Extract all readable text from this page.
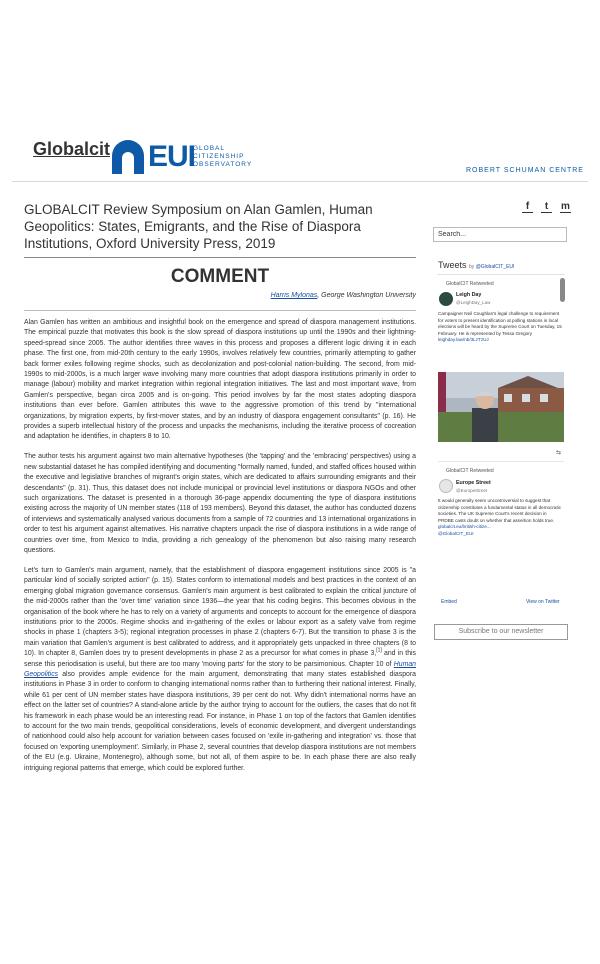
Globalcit EUI
GLOBAL
CITIZENSHIP
OBSERVATORY
ROBERT SCHUMAN CENTRE
GLOBALCIT Review Symposium on Alan Gamlen, Human Geopolitics: States, Emigrants, and the Rise of Diaspora Institutions, Oxford University Press, 2019
COMMENT
Harris Mylonas, George Washington University

Alan Gamlen has written an ambitious and insightful book on the emergence and spread of diaspora management institutions. The empirical puzzle that motivates this book is the slow spread of diaspora institutions up until the 1990s and their lightning-speed-spread since 2005. The author identifies three waves in this process and proposes a different logic driving it in each phase. The first one, from mid-20th century to the early 1990s, involves relatively few countries, primarily attempting to gather back former exiles following regime shocks, such as decolonization and post-colonial nation-building. The second, from mid-1990s to mid-2000s, is a much larger wave involving many more countries that adopt diaspora institutions primarily in order to manage (labour) mobility and market integration within regional integration initiatives. The last and most important wave, from Gamlen's perspective, began circa 2005 and is on-going. This period involves by far the most states adopting diaspora institutions than ever before. Gamlen attributes this wave to the aggressive promotion of this trend by "international organizations, by migration experts, by first-mover states, and by an industry of diaspora engagement consultants" (p. 16). He provides a superb intellectual history of the process and unpacks the mechanisms, including the iterative process of cocreation and adaptation he identifies, in chapters 8 to 10.

The author tests his argument against two main alternative hypotheses (the 'tapping' and the 'embracing' perspectives) using a new substantial dataset he has compiled identifying and documenting "formally named, funded, and staffed offices housed within the executive and legislative branches of migrant's origin states, which are dedicated to affairs surrounding emigrants and their descendants" (p. 31). Thus, this dataset does not include municipal or provincial level institutions or diaspora NGOs and other such organizations. The dataset is presented in a thorough 36-page appendix documenting the type of diaspora institutions existing across the majority of UN member states (118 of 193 members). Beyond this dataset, the author has conducted dozens of interviews and systematically analysed various documents from a sample of 72 countries and 13 international organizations in order to test his argument against alternatives. His narrative chapters unpack the rise of diaspora institutions in a wide range of countries over time, from Mexico to India, providing a rich genealogy of the phenomenon but also raising many research questions.

Let's turn to Gamlen's main argument, namely, that the establishment of diaspora engagement institutions since 2005 is "a particular kind of socially scripted action" (p. 15). States conform to international models and best practices in the context of an emerging global migration governance consensus. Gamlen's main argument is best calibrated to explain the critical juncture of the mid-2000s rather than the 'over time' variation since 1936—the year that his coding begins. This becomes obvious in the organisation of the book where he has to rely on a variety of arguments and concepts to account for the emergence of diaspora institutions prior to the 2000s. Regime shocks and in-gathering of the exiles or labour export as a safety valve from regime shocks in phase 1 (chapters 3-5); regional integration processes in phase 2 (chapters 6-7). But the transition to phase 3 is the main variation that Gamlen's argument is best calibrated to address, and it appropriately gets unpacked in three chapters (8 to 10). In chapter 8, Gamlen does try to present developments in phase 2 as a precursor for what comes in phase 3,[1] and in this sense this periodisation is useful, but there are too many 'moving parts' for the story to be parsimonious. Chapter 10 of Human Geopolitics also provides ample evidence for the main argument, demonstrating that many states established diaspora institutions in Phase 3 in order to conform to changing international norms rather than to furthering their national interest. Finally, while 61 per cent of UN member states have diaspora institutions, 39 per cent do not. Why didn't international norms have an effect on the latter set of countries? A stand-alone article by the author trying to account for the outliers, the cases that do not fit his framework in each phase would be an interesting read. For instance, in Phase 1 on top of the factors that Gamlen identifies to account for the two main trends, geopolitical considerations, levels of economic development, and divergent understandings of nationhood could also help account for variation between cases focused on 'exile in-gathering and integration' vs. those that focused on 'exporting unemployment'. Similarly, in Phase 2, several countries that develop diaspora institutions are not members of the EU (e.g. Ukraine, Montenegro), although some, but not all, of them aspire to be. In each phase there are also really intriguing regional patterns that emerge, which could be explored further.

f	t	m
Search...
Tweets by @GlobalCIT_EUI
GlobalCIT Retweeted
Leigh Day
@LeighDay_Law
Campaigner Neil Coughlan's legal challenge to requirement for voters to present identification at polling stations in local elections will be heard by the Supreme Court on Tuesday, 15 February. He is represented by Tessa Gregory leighday.law/nb/3LzTzUJ
⇆
GlobalCIT Retweeted
Europe Street
@EuropeStreet
It would generally seem uncontroversial to suggest that citizenship constitutes a fundamental status in all democratic societies. The UK Supreme Court's recent decision in PRDBE casts doubt on whether that assertion holds true. globalcit.eu/british-citize...
@GlobalCIT_EUI
Embed	View on Twitter
Subscribe to our newsletter
